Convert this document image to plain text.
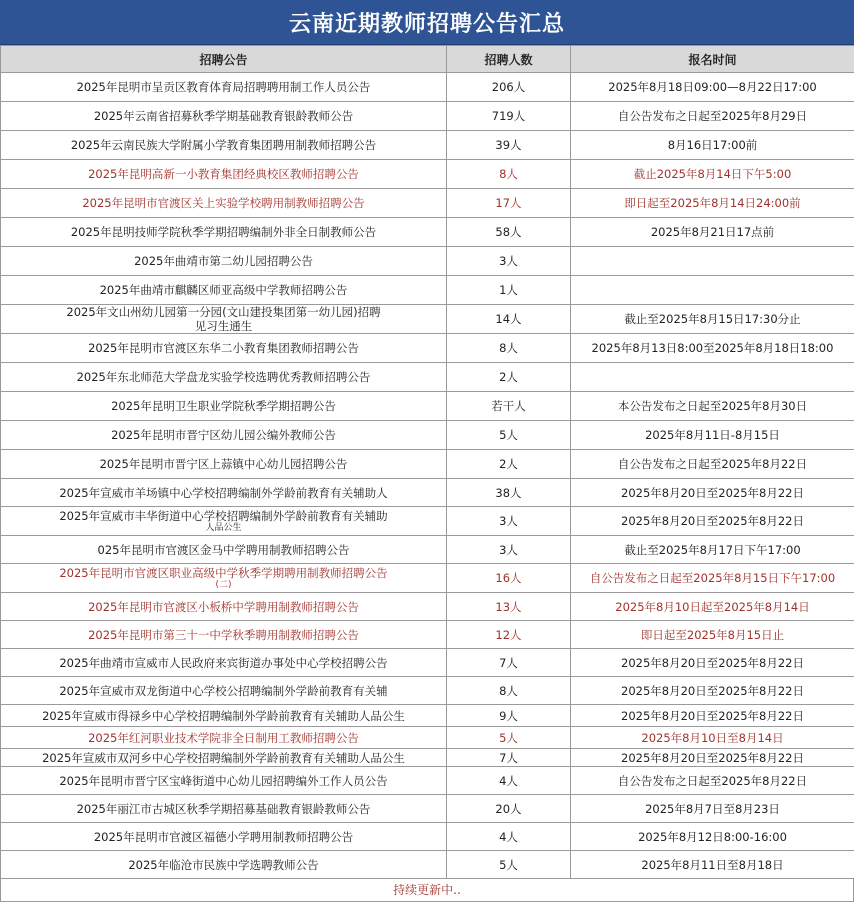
云南近期教师招聘公告汇总
招聘公告	招聘人数	报名时间
2025年昆明市呈贡区教育体育局招聘聘用制工作人员公告	206人	2025年8月18日09:00—8月22日17:00
2025年云南省招募秋季学期基础教育银龄教师公告	719人	自公告发布之日起至2025年8月29日
2025年云南民族大学附属小学教育集团聘用制教师招聘公告	39人	8月16日17:00前
2025年昆明高新一小教育集团经典校区教师招聘公告	8人	截止2025年8月14日下午5:00
2025年昆明市官渡区关上实验学校聘用制教师招聘公告	17人	即日起至2025年8月14日24:00前
2025年昆明技师学院秋季学期招聘编制外非全日制教师公告	58人	2025年8月21日17点前
2025年曲靖市第二幼儿园招聘公告	3人	
2025年曲靖市麒麟区师亚高级中学教师招聘公告	1人	
2025年文山州幼儿园第一分园(文山建投集团第一幼儿园)招聘
见习生通生	14人	截止至2025年8月15日17:30分止
2025年昆明市官渡区东华二小教育集团教师招聘公告	8人	2025年8月13日8:00至2025年8月18日18:00
2025年东北师范大学盘龙实验学校选聘优秀教师招聘公告	2人	
2025年昆明卫生职业学院秋季学期招聘公告	若干人	本公告发布之日起至2025年8月30日
2025年昆明市晋宁区幼儿园公编外教师公告	5人	2025年8月11日-8月15日
2025年昆明市晋宁区上蒜镇中心幼儿园招聘公告	2人	自公告发布之日起至2025年8月22日
2025年宣威市羊场镇中心学校招聘编制外学龄前教育有关辅助人	38人	2025年8月20日至2025年8月22日
2025年宣威市丰华街道中心学校招聘编制外学龄前教育有关辅助
人品公生	3人	2025年8月20日至2025年8月22日
025年昆明市官渡区金马中学聘用制教师招聘公告	3人	截止至2025年8月17日下午17:00
2025年昆明市官渡区职业高级中学秋季学期聘用制教师招聘公告
(二)	16人	自公告发布之日起至2025年8月15日下午17:00
2025年昆明市官渡区小板桥中学聘用制教师招聘公告	13人	2025年8月10日起至2025年8月14日
2025年昆明市第三十一中学秋季聘用制教师招聘公告	12人	即日起至2025年8月15日止
2025年曲靖市宣威市人民政府来宾街道办事处中心学校招聘公告	7人	2025年8月20日至2025年8月22日
2025年宣威市双龙街道中心学校公招聘编制外学龄前教育有关辅	8人	2025年8月20日至2025年8月22日
2025年宣威市得禄乡中心学校招聘编制外学龄前教育有关辅助人品公生	9人	2025年8月20日至2025年8月22日
2025年红河职业技术学院非全日制用工教师招聘公告	5人	2025年8月10日至8月14日
2025年宣威市双河乡中心学校招聘编制外学龄前教育有关辅助人品公生	7人	2025年8月20日至2025年8月22日
2025年昆明市晋宁区宝峰街道中心幼儿园招聘编外工作人员公告	4人	自公告发布之日起至2025年8月22日
2025年丽江市古城区秋季学期招募基础教育银龄教师公告	20人	2025年8月7日至8月23日
2025年昆明市官渡区福德小学聘用制教师招聘公告	4人	2025年8月12日8:00-16:00
2025年临沧市民族中学选聘教师公告	5人	2025年8月11日至8月18日
持续更新中..
